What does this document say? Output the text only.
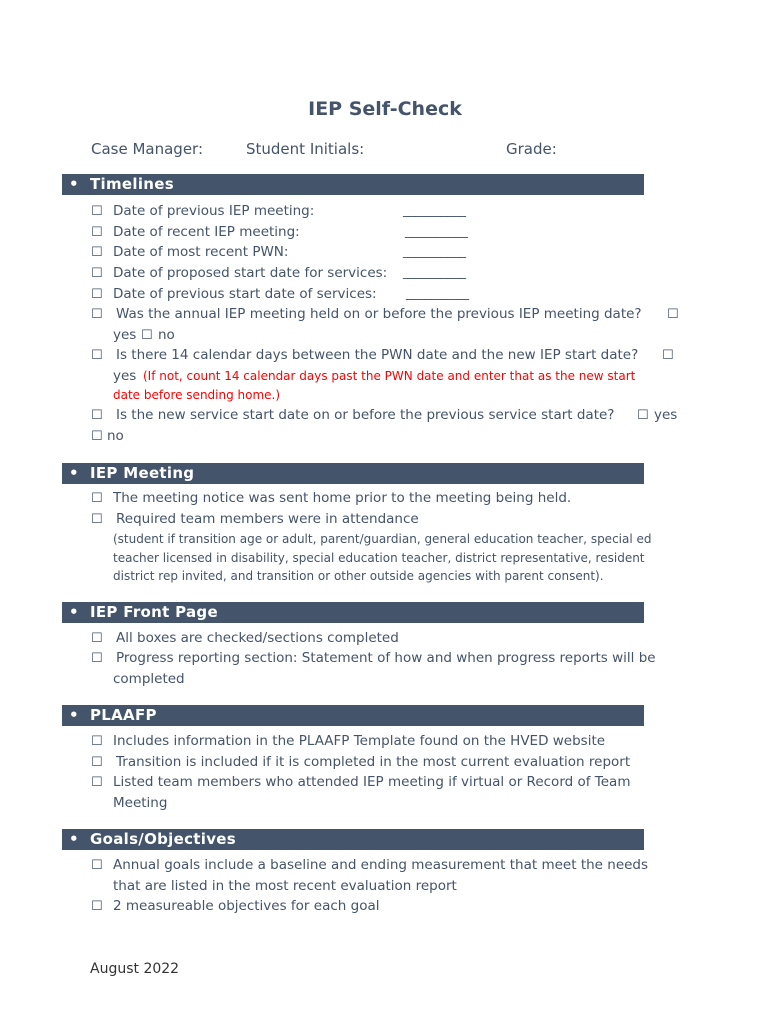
IEP Self-Check
Case Manager:	Student Initials:	Grade:
• Timelines
☐ Date of previous IEP meeting:	__________
☐ Date of recent IEP meeting:	__________
☐ Date of most recent PWN:	__________
☐ Date of proposed start date for services: __________
☐ Date of previous start date of services: __________
☐ Was the annual IEP meeting held on or before the previous IEP meeting date? ☐
yes ☐ no
☐ Is there 14 calendar days between the PWN date and the new IEP start date? ☐
yes (If not, count 14 calendar days past the PWN date and enter that as the new start
date before sending home.)
☐ Is the new service start date on or before the previous service start date? ☐ yes
☐ no
• IEP Meeting
☐ The meeting notice was sent home prior to the meeting being held.
☐ Required team members were in attendance
(student if transition age or adult, parent/guardian, general education teacher, special ed
teacher licensed in disability, special education teacher, district representative, resident
district rep invited, and transition or other outside agencies with parent consent).
• IEP Front Page
☐ All boxes are checked/sections completed
☐ Progress reporting section: Statement of how and when progress reports will be
completed
• PLAAFP
☐ Includes information in the PLAAFP Template found on the HVED website
☐ Transition is included if it is completed in the most current evaluation report
☐ Listed team members who attended IEP meeting if virtual or Record of Team
Meeting
• Goals/Objectives
☐ Annual goals include a baseline and ending measurement that meet the needs
that are listed in the most recent evaluation report
☐ 2 measureable objectives for each goal
August 2022
